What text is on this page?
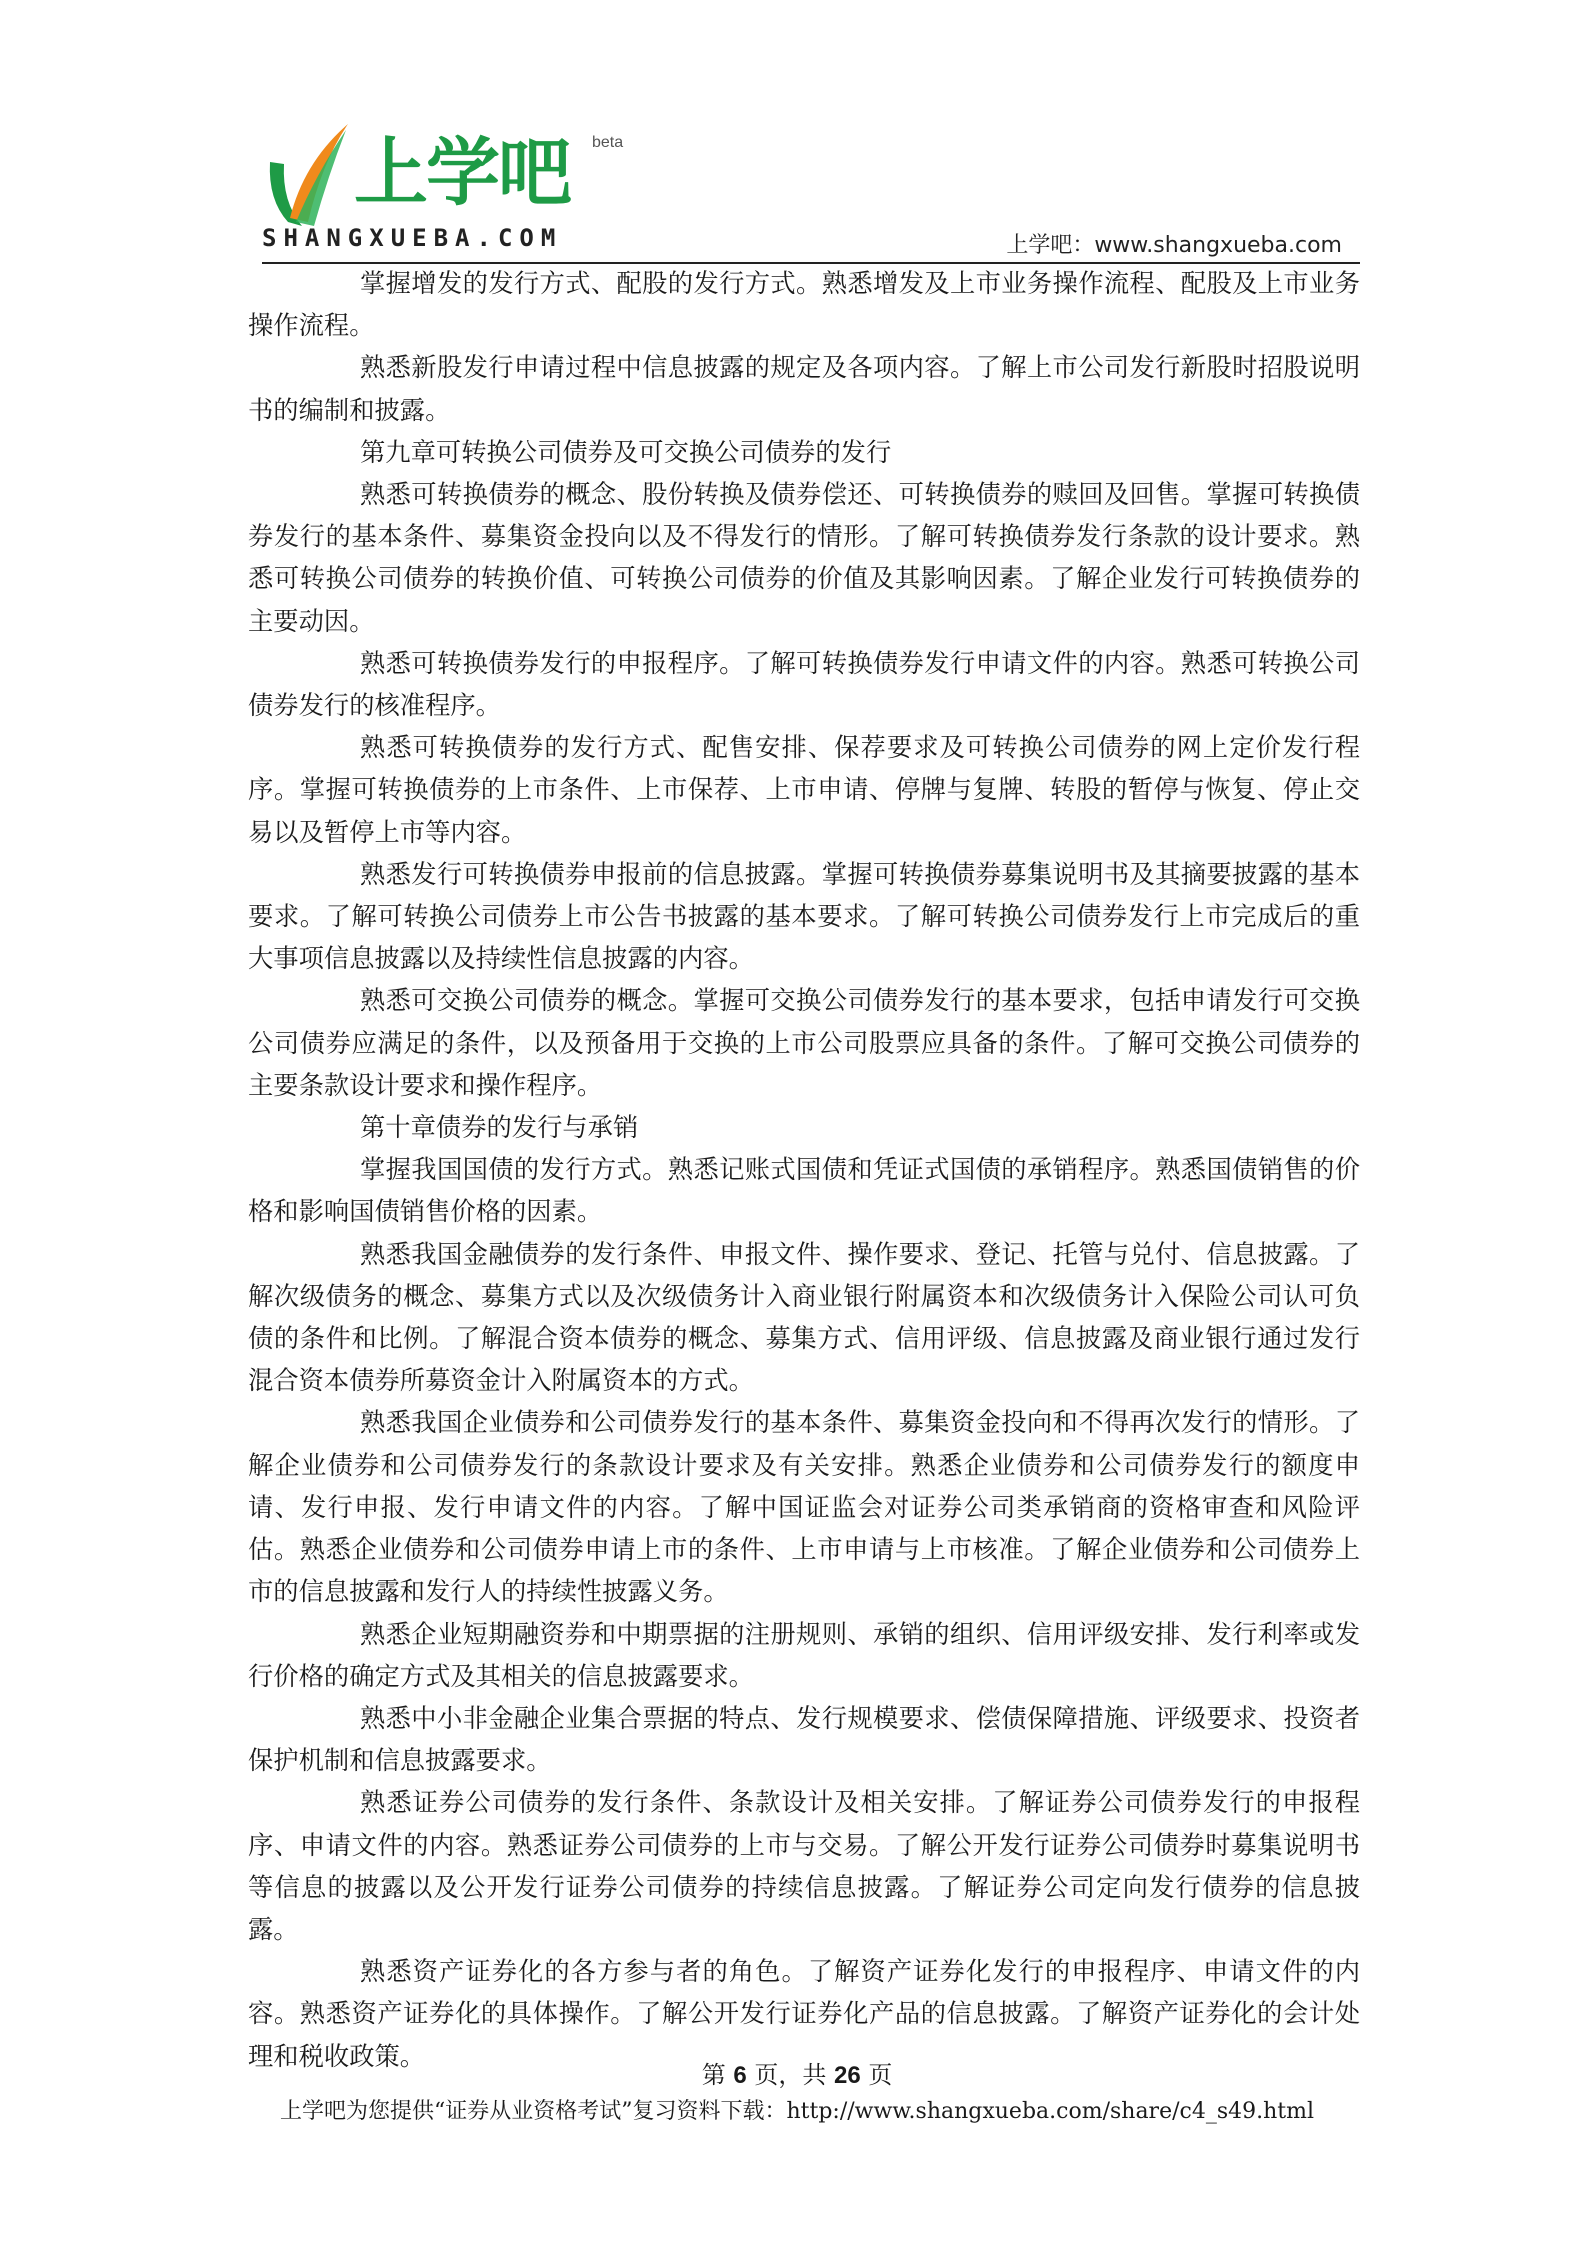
上学吧 beta
SHANGXUEBA.COM	上学吧：www.shangxueba.com

掌握增发的发行方式、配股的发行方式。熟悉增发及上市业务操作流程、配股及上市业务操作流程。

熟悉新股发行申请过程中信息披露的规定及各项内容。了解上市公司发行新股时招股说明书的编制和披露。

第九章可转换公司债券及可交换公司债券的发行

熟悉可转换债券的概念、股份转换及债券偿还、可转换债券的赎回及回售。掌握可转换债券发行的基本条件、募集资金投向以及不得发行的情形。了解可转换债券发行条款的设计要求。熟悉可转换公司债券的转换价值、可转换公司债券的价值及其影响因素。了解企业发行可转换债券的主要动因。

熟悉可转换债券发行的申报程序。了解可转换债券发行申请文件的内容。熟悉可转换公司债券发行的核准程序。

熟悉可转换债券的发行方式、配售安排、保荐要求及可转换公司债券的网上定价发行程序。掌握可转换债券的上市条件、上市保荐、上市申请、停牌与复牌、转股的暂停与恢复、停止交易以及暂停上市等内容。

熟悉发行可转换债券申报前的信息披露。掌握可转换债券募集说明书及其摘要披露的基本要求。了解可转换公司债券上市公告书披露的基本要求。了解可转换公司债券发行上市完成后的重大事项信息披露以及持续性信息披露的内容。

熟悉可交换公司债券的概念。掌握可交换公司债券发行的基本要求，包括申请发行可交换公司债券应满足的条件，以及预备用于交换的上市公司股票应具备的条件。了解可交换公司债券的主要条款设计要求和操作程序。

第十章债券的发行与承销

掌握我国国债的发行方式。熟悉记账式国债和凭证式国债的承销程序。熟悉国债销售的价格和影响国债销售价格的因素。

熟悉我国金融债券的发行条件、申报文件、操作要求、登记、托管与兑付、信息披露。了解次级债务的概念、募集方式以及次级债务计入商业银行附属资本和次级债务计入保险公司认可负债的条件和比例。了解混合资本债券的概念、募集方式、信用评级、信息披露及商业银行通过发行混合资本债券所募资金计入附属资本的方式。

熟悉我国企业债券和公司债券发行的基本条件、募集资金投向和不得再次发行的情形。了解企业债券和公司债券发行的条款设计要求及有关安排。熟悉企业债券和公司债券发行的额度申请、发行申报、发行申请文件的内容。了解中国证监会对证券公司类承销商的资格审查和风险评估。熟悉企业债券和公司债券申请上市的条件、上市申请与上市核准。了解企业债券和公司债券上市的信息披露和发行人的持续性披露义务。

熟悉企业短期融资券和中期票据的注册规则、承销的组织、信用评级安排、发行利率或发行价格的确定方式及其相关的信息披露要求。

熟悉中小非金融企业集合票据的特点、发行规模要求、偿债保障措施、评级要求、投资者保护机制和信息披露要求。

熟悉证券公司债券的发行条件、条款设计及相关安排。了解证券公司债券发行的申报程序、申请文件的内容。熟悉证券公司债券的上市与交易。了解公开发行证券公司债券时募集说明书等信息的披露以及公开发行证券公司债券的持续信息披露。了解证券公司定向发行债券的信息披露。

熟悉资产证券化的各方参与者的角色。了解资产证券化发行的申报程序、申请文件的内容。熟悉资产证券化的具体操作。了解公开发行证券化产品的信息披露。了解资产证券化的会计处理和税收政策。

第 6 页，共 26 页
上学吧为您提供“证券从业资格考试”复习资料下载：http://www.shangxueba.com/share/c4_s49.html
